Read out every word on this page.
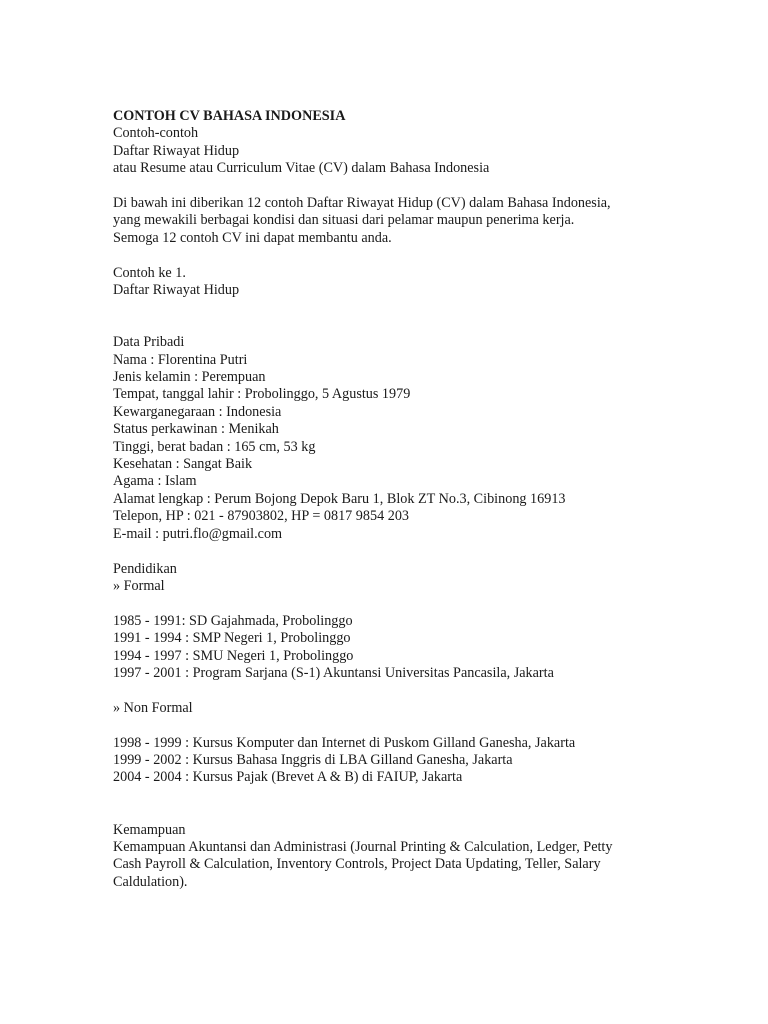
CONTOH CV BAHASA INDONESIA
Contoh-contoh
Daftar Riwayat Hidup
atau Resume atau Curriculum Vitae (CV) dalam Bahasa Indonesia
Di bawah ini diberikan 12 contoh Daftar Riwayat Hidup (CV) dalam Bahasa Indonesia,
yang mewakili berbagai kondisi dan situasi dari pelamar maupun penerima kerja.
Semoga 12 contoh CV ini dapat membantu anda.
Contoh ke 1.
Daftar Riwayat Hidup
Data Pribadi
Nama : Florentina Putri
Jenis kelamin : Perempuan
Tempat, tanggal lahir : Probolinggo, 5 Agustus 1979
Kewarganegaraan : Indonesia
Status perkawinan : Menikah
Tinggi, berat badan : 165 cm, 53 kg
Kesehatan : Sangat Baik
Agama : Islam
Alamat lengkap : Perum Bojong Depok Baru 1, Blok ZT No.3, Cibinong 16913
Telepon, HP : 021 - 87903802, HP = 0817 9854 203
E-mail : putri.flo@gmail.com
Pendidikan
» Formal
1985 - 1991: SD Gajahmada, Probolinggo
1991 - 1994 : SMP Negeri 1, Probolinggo
1994 - 1997 : SMU Negeri 1, Probolinggo
1997 - 2001 : Program Sarjana (S-1) Akuntansi Universitas Pancasila, Jakarta
» Non Formal
1998 - 1999 : Kursus Komputer dan Internet di Puskom Gilland Ganesha, Jakarta
1999 - 2002 : Kursus Bahasa Inggris di LBA Gilland Ganesha, Jakarta
2004 - 2004 : Kursus Pajak (Brevet A & B) di FAIUP, Jakarta
Kemampuan
Kemampuan Akuntansi dan Administrasi (Journal Printing & Calculation, Ledger, Petty
Cash Payroll & Calculation, Inventory Controls, Project Data Updating, Teller, Salary
Caldulation).
